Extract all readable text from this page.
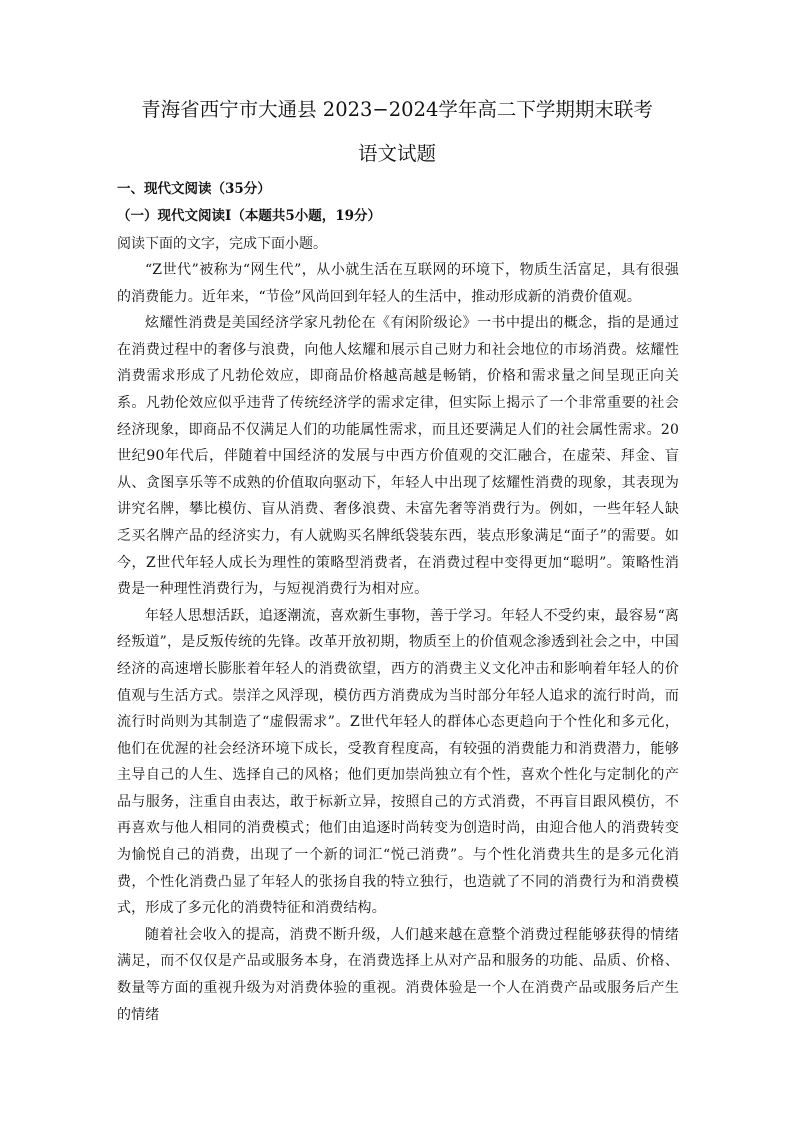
青海省西宁市大通县 2023−2024学年高二下学期期末联考
语文试题
一、现代文阅读（35分）
（一）现代文阅读Ⅰ（本题共5小题，19分）
阅读下面的文字，完成下面小题。

“Z世代”被称为“网生代”，从小就生活在互联网的环境下，物质生活富足，具有很强的消费能力。近年来，“节俭”风尚回到年轻人的生活中，推动形成新的消费价值观。

炫耀性消费是美国经济学家凡勃伦在《有闲阶级论》一书中提出的概念，指的是通过在消费过程中的奢侈与浪费，向他人炫耀和展示自己财力和社会地位的市场消费。炫耀性消费需求形成了凡勃伦效应，即商品价格越高越是畅销，价格和需求量之间呈现正向关系。凡勃伦效应似乎违背了传统经济学的需求定律，但实际上揭示了一个非常重要的社会经济现象，即商品不仅满足人们的功能属性需求，而且还要满足人们的社会属性需求。20世纪90年代后，伴随着中国经济的发展与中西方价值观的交汇融合，在虚荣、拜金、盲从、贪图享乐等不成熟的价值取向驱动下，年轻人中出现了炫耀性消费的现象，其表现为讲究名牌，攀比模仿、盲从消费、奢侈浪费、未富先奢等消费行为。例如，一些年轻人缺乏买名牌产品的经济实力，有人就购买名牌纸袋装东西，装点形象满足“面子”的需要。如今，Z世代年轻人成长为理性的策略型消费者，在消费过程中变得更加“聪明”。策略性消费是一种理性消费行为，与短视消费行为相对应。

年轻人思想活跃，追逐潮流，喜欢新生事物，善于学习。年轻人不受约束，最容易“离经叛道”，是反叛传统的先锋。改革开放初期，物质至上的价值观念渗透到社会之中，中国经济的高速增长膨胀着年轻人的消费欲望，西方的消费主义文化冲击和影响着年轻人的价值观与生活方式。崇洋之风浮现，模仿西方消费成为当时部分年轻人追求的流行时尚，而流行时尚则为其制造了“虚假需求”。Z世代年轻人的群体心态更趋向于个性化和多元化，他们在优渥的社会经济环境下成长，受教育程度高，有较强的消费能力和消费潜力，能够主导自己的人生、选择自己的风格；他们更加崇尚独立有个性，喜欢个性化与定制化的产品与服务，注重自由表达，敢于标新立异，按照自己的方式消费，不再盲目跟风模仿，不再喜欢与他人相同的消费模式；他们由追逐时尚转变为创造时尚，由迎合他人的消费转变为愉悦自己的消费，出现了一个新的词汇“悦己消费”。与个性化消费共生的是多元化消费，个性化消费凸显了年轻人的张扬自我的特立独行，也造就了不同的消费行为和消费模式，形成了多元化的消费特征和消费结构。

随着社会收入的提高，消费不断升级，人们越来越在意整个消费过程能够获得的情绪满足，而不仅仅是产品或服务本身，在消费选择上从对产品和服务的功能、品质、价格、数量等方面的重视升级为对消费体验的重视。消费体验是一个人在消费产品或服务后产生的情绪
